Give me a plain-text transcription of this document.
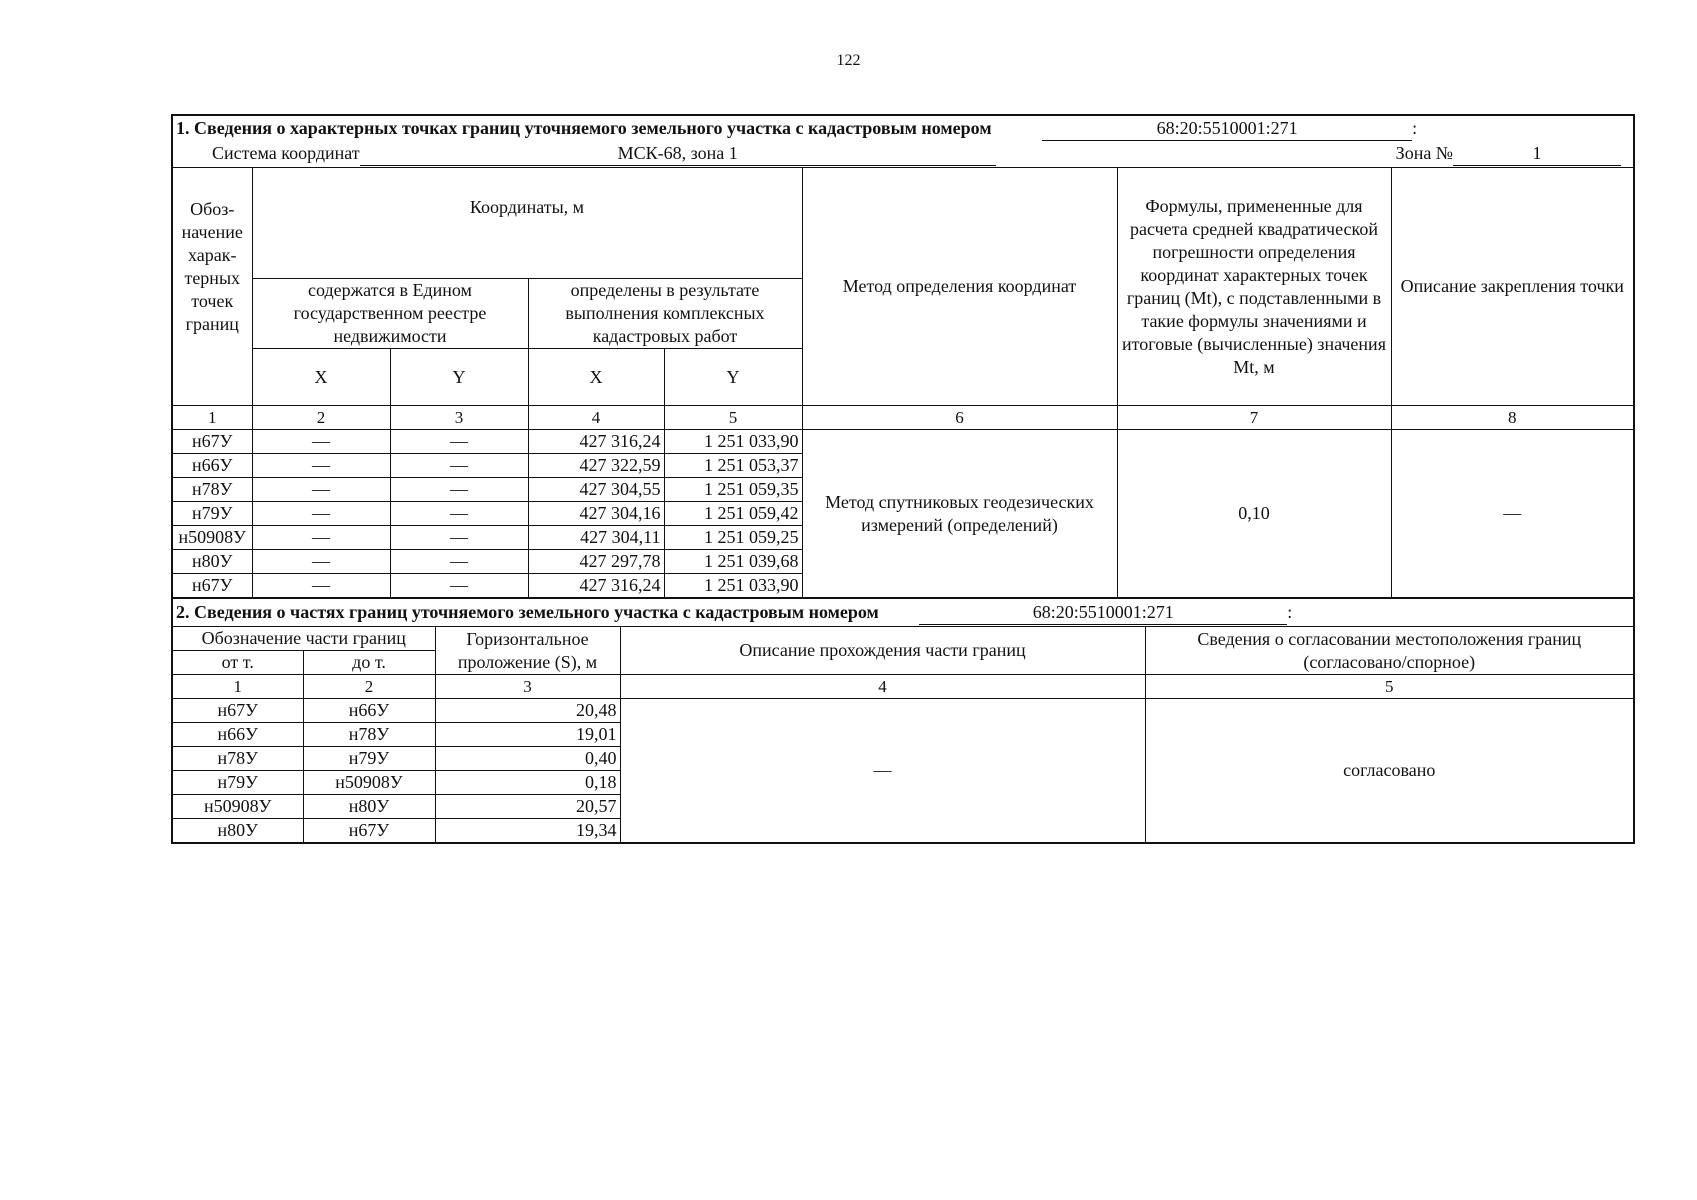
122
1. Сведения о характерных точках границ уточняемого земельного участка с кадастровым номером 68:20:5510001:271 :							
Система координат МСК-68, зона 1 Зона № 1							

Обоз-начение харак-терных точек границ	Координаты, м				Метод определения координат	Формулы, примененные для расчета средней квадратической погрешности определения координат характерных точек границ (Mt), с подставленными в такие формулы значениями и итоговые (вычисленные) значения Mt, м	Описание закрепления точки
	содержатся в Едином государственном реестре недвижимости		определены в результате выполнения комплексных кадастровых работ				
	X	Y	X	Y			
1	2	3	4	5	6	7	8
н67У	—	—	427 316,24	1 251 033,90	Метод спутниковых геодезических измерений (определений)	0,10	—
н66У	—	—	427 322,59	1 251 053,37			
н78У	—	—	427 304,55	1 251 059,35			
н79У	—	—	427 304,16	1 251 059,42			
н50908У	—	—	427 304,11	1 251 059,25			
н80У	—	—	427 297,78	1 251 039,68			
н67У	—	—	427 316,24	1 251 033,90			
2. Сведения о частях границ уточняемого земельного участка с кадастровым номером 68:20:5510001:271 :				
Обозначение части границ		Горизонтальное проложение (S), м	Описание прохождения части границ	Сведения о согласовании местоположения границ (согласовано/спорное)
от т.	до т.			
1	2	3	4	5
н67У	н66У	20,48	—	согласовано
н66У	н78У	19,01		
н78У	н79У	0,40		
н79У	н50908У	0,18		
н50908У	н80У	20,57		
н80У	н67У	19,34		
